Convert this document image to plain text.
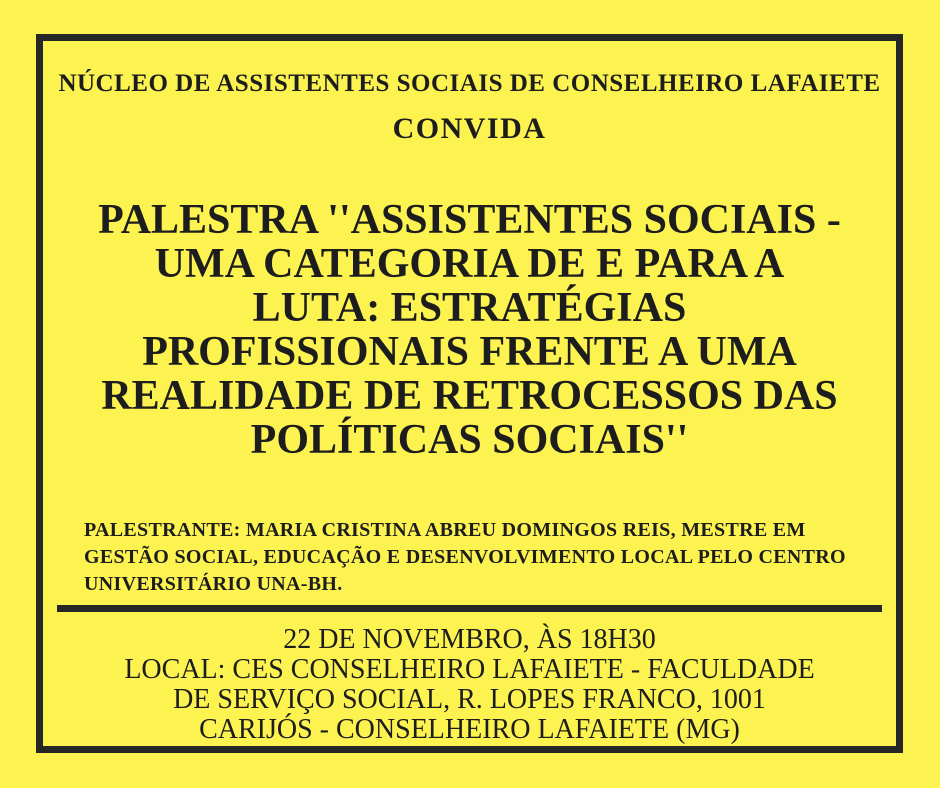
NÚCLEO DE ASSISTENTES SOCIAIS DE CONSELHEIRO LAFAIETE
CONVIDA
PALESTRA ''ASSISTENTES SOCIAIS -
UMA CATEGORIA DE E PARA A
LUTA: ESTRATÉGIAS
PROFISSIONAIS FRENTE A UMA
REALIDADE DE RETROCESSOS DAS
POLÍTICAS SOCIAIS''
PALESTRANTE: MARIA CRISTINA ABREU DOMINGOS REIS, MESTRE EM
GESTÃO SOCIAL, EDUCAÇÃO E DESENVOLVIMENTO LOCAL PELO CENTRO
UNIVERSITÁRIO UNA-BH.
22 DE NOVEMBRO, ÀS 18H30
LOCAL: CES CONSELHEIRO LAFAIETE - FACULDADE
DE SERVIÇO SOCIAL, R. LOPES FRANCO, 1001
CARIJÓS - CONSELHEIRO LAFAIETE (MG)
